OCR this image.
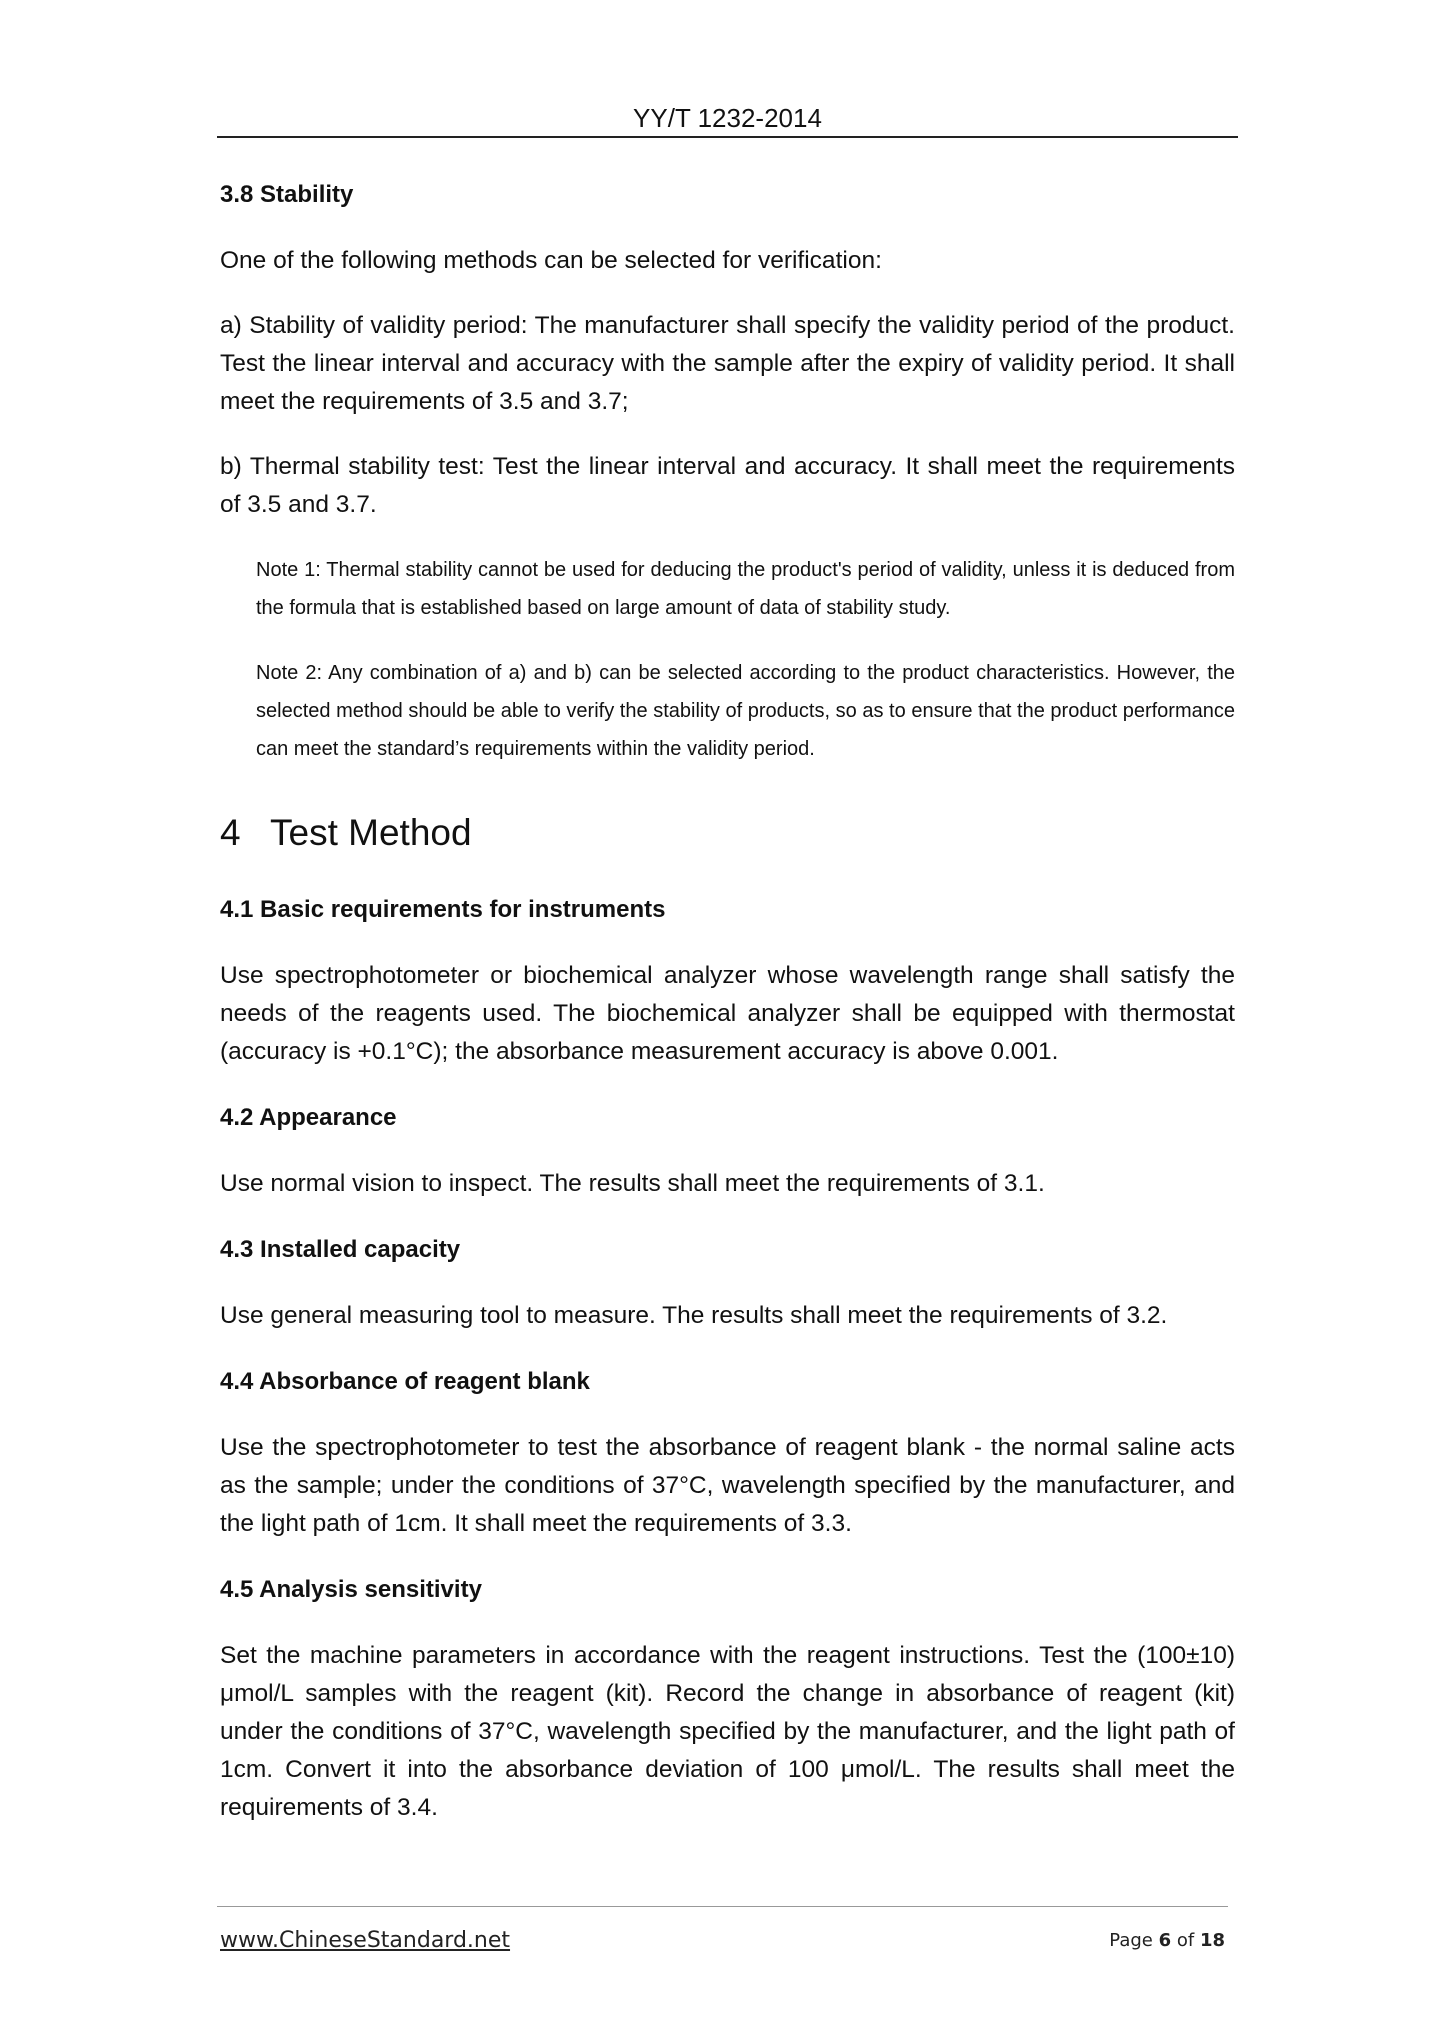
YY/T 1232-2014
3.8 Stability
One of the following methods can be selected for verification:
a) Stability of validity period: The manufacturer shall specify the validity period of the product. Test the linear interval and accuracy with the sample after the expiry of validity period. It shall meet the requirements of 3.5 and 3.7;
b) Thermal stability test: Test the linear interval and accuracy. It shall meet the requirements of 3.5 and 3.7.
Note 1: Thermal stability cannot be used for deducing the product's period of validity, unless it is deduced from the formula that is established based on large amount of data of stability study.
Note 2: Any combination of a) and b) can be selected according to the product characteristics. However, the selected method should be able to verify the stability of products, so as to ensure that the product performance can meet the standard’s requirements within the validity period.
4 Test Method
4.1 Basic requirements for instruments
Use spectrophotometer or biochemical analyzer whose wavelength range shall satisfy the needs of the reagents used. The biochemical analyzer shall be equipped with thermostat (accuracy is +0.1°C); the absorbance measurement accuracy is above 0.001.
4.2 Appearance
Use normal vision to inspect. The results shall meet the requirements of 3.1.
4.3 Installed capacity
Use general measuring tool to measure. The results shall meet the requirements of 3.2.
4.4 Absorbance of reagent blank
Use the spectrophotometer to test the absorbance of reagent blank - the normal saline acts as the sample; under the conditions of 37°C, wavelength specified by the manufacturer, and the light path of 1cm. It shall meet the requirements of 3.3.
4.5 Analysis sensitivity
Set the machine parameters in accordance with the reagent instructions. Test the (100±10) μmol/L samples with the reagent (kit). Record the change in absorbance of reagent (kit) under the conditions of 37°C, wavelength specified by the manufacturer, and the light path of 1cm. Convert it into the absorbance deviation of 100 μmol/L. The results shall meet the requirements of 3.4.
www.ChineseStandard.net	Page 6 of 18
